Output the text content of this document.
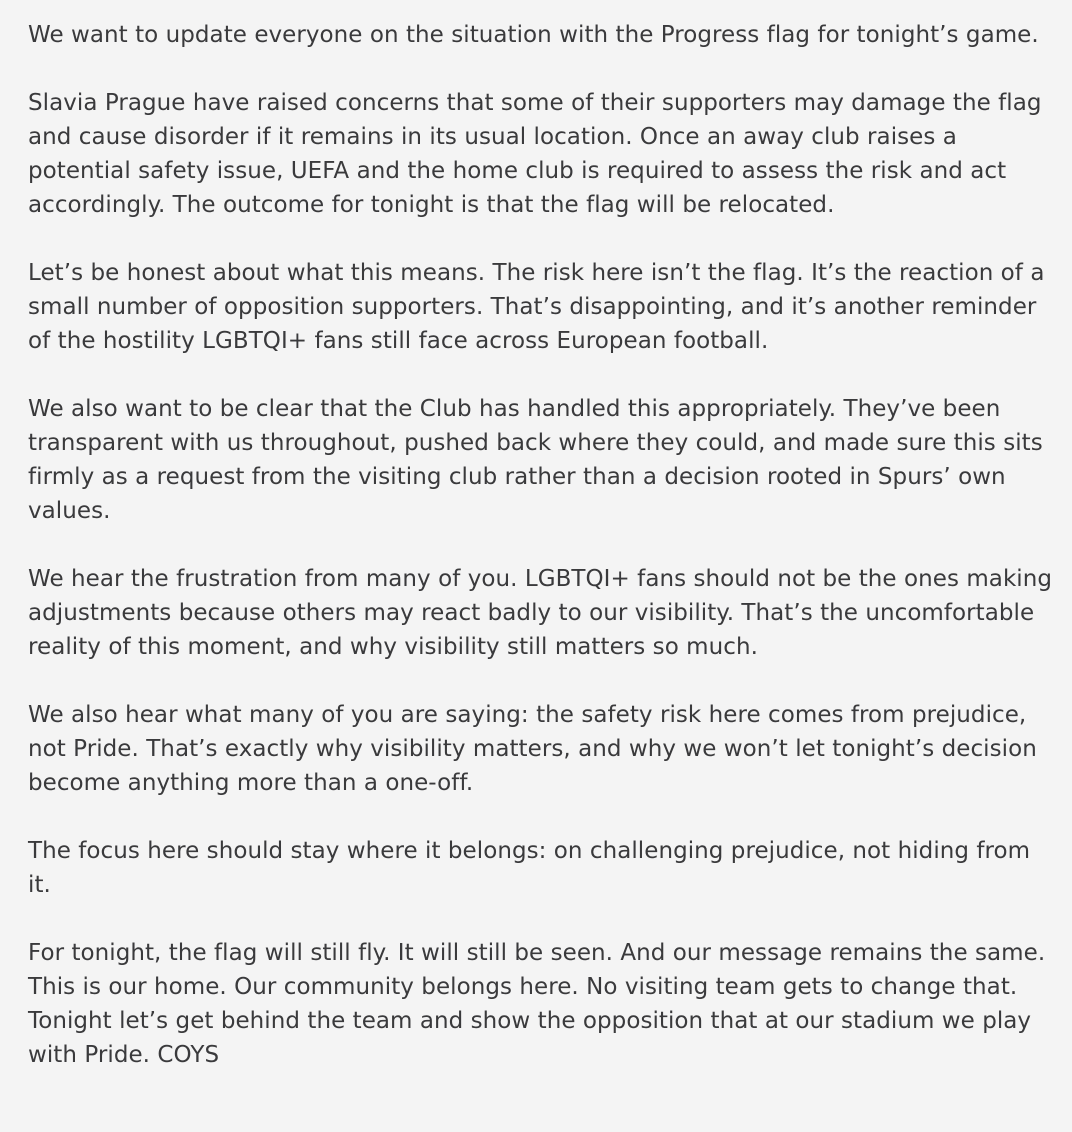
We want to update everyone on the situation with the Progress flag for tonight’s game.

Slavia Prague have raised concerns that some of their supporters may damage the flag and cause disorder if it remains in its usual location. Once an away club raises a potential safety issue, UEFA and the home club is required to assess the risk and act accordingly. The outcome for tonight is that the flag will be relocated.

Let’s be honest about what this means. The risk here isn’t the flag. It’s the reaction of a small number of opposition supporters. That’s disappointing, and it’s another reminder of the hostility LGBTQI+ fans still face across European football.

We also want to be clear that the Club has handled this appropriately. They’ve been transparent with us throughout, pushed back where they could, and made sure this sits firmly as a request from the visiting club rather than a decision rooted in Spurs’ own values.

We hear the frustration from many of you. LGBTQI+ fans should not be the ones making adjustments because others may react badly to our visibility. That’s the uncomfortable reality of this moment, and why visibility still matters so much.

We also hear what many of you are saying: the safety risk here comes from prejudice, not Pride. That’s exactly why visibility matters, and why we won’t let tonight’s decision become anything more than a one-off.

The focus here should stay where it belongs: on challenging prejudice, not hiding from it.

For tonight, the flag will still fly. It will still be seen. And our message remains the same. This is our home. Our community belongs here. No visiting team gets to change that. Tonight let’s get behind the team and show the opposition that at our stadium we play with Pride. COYS
